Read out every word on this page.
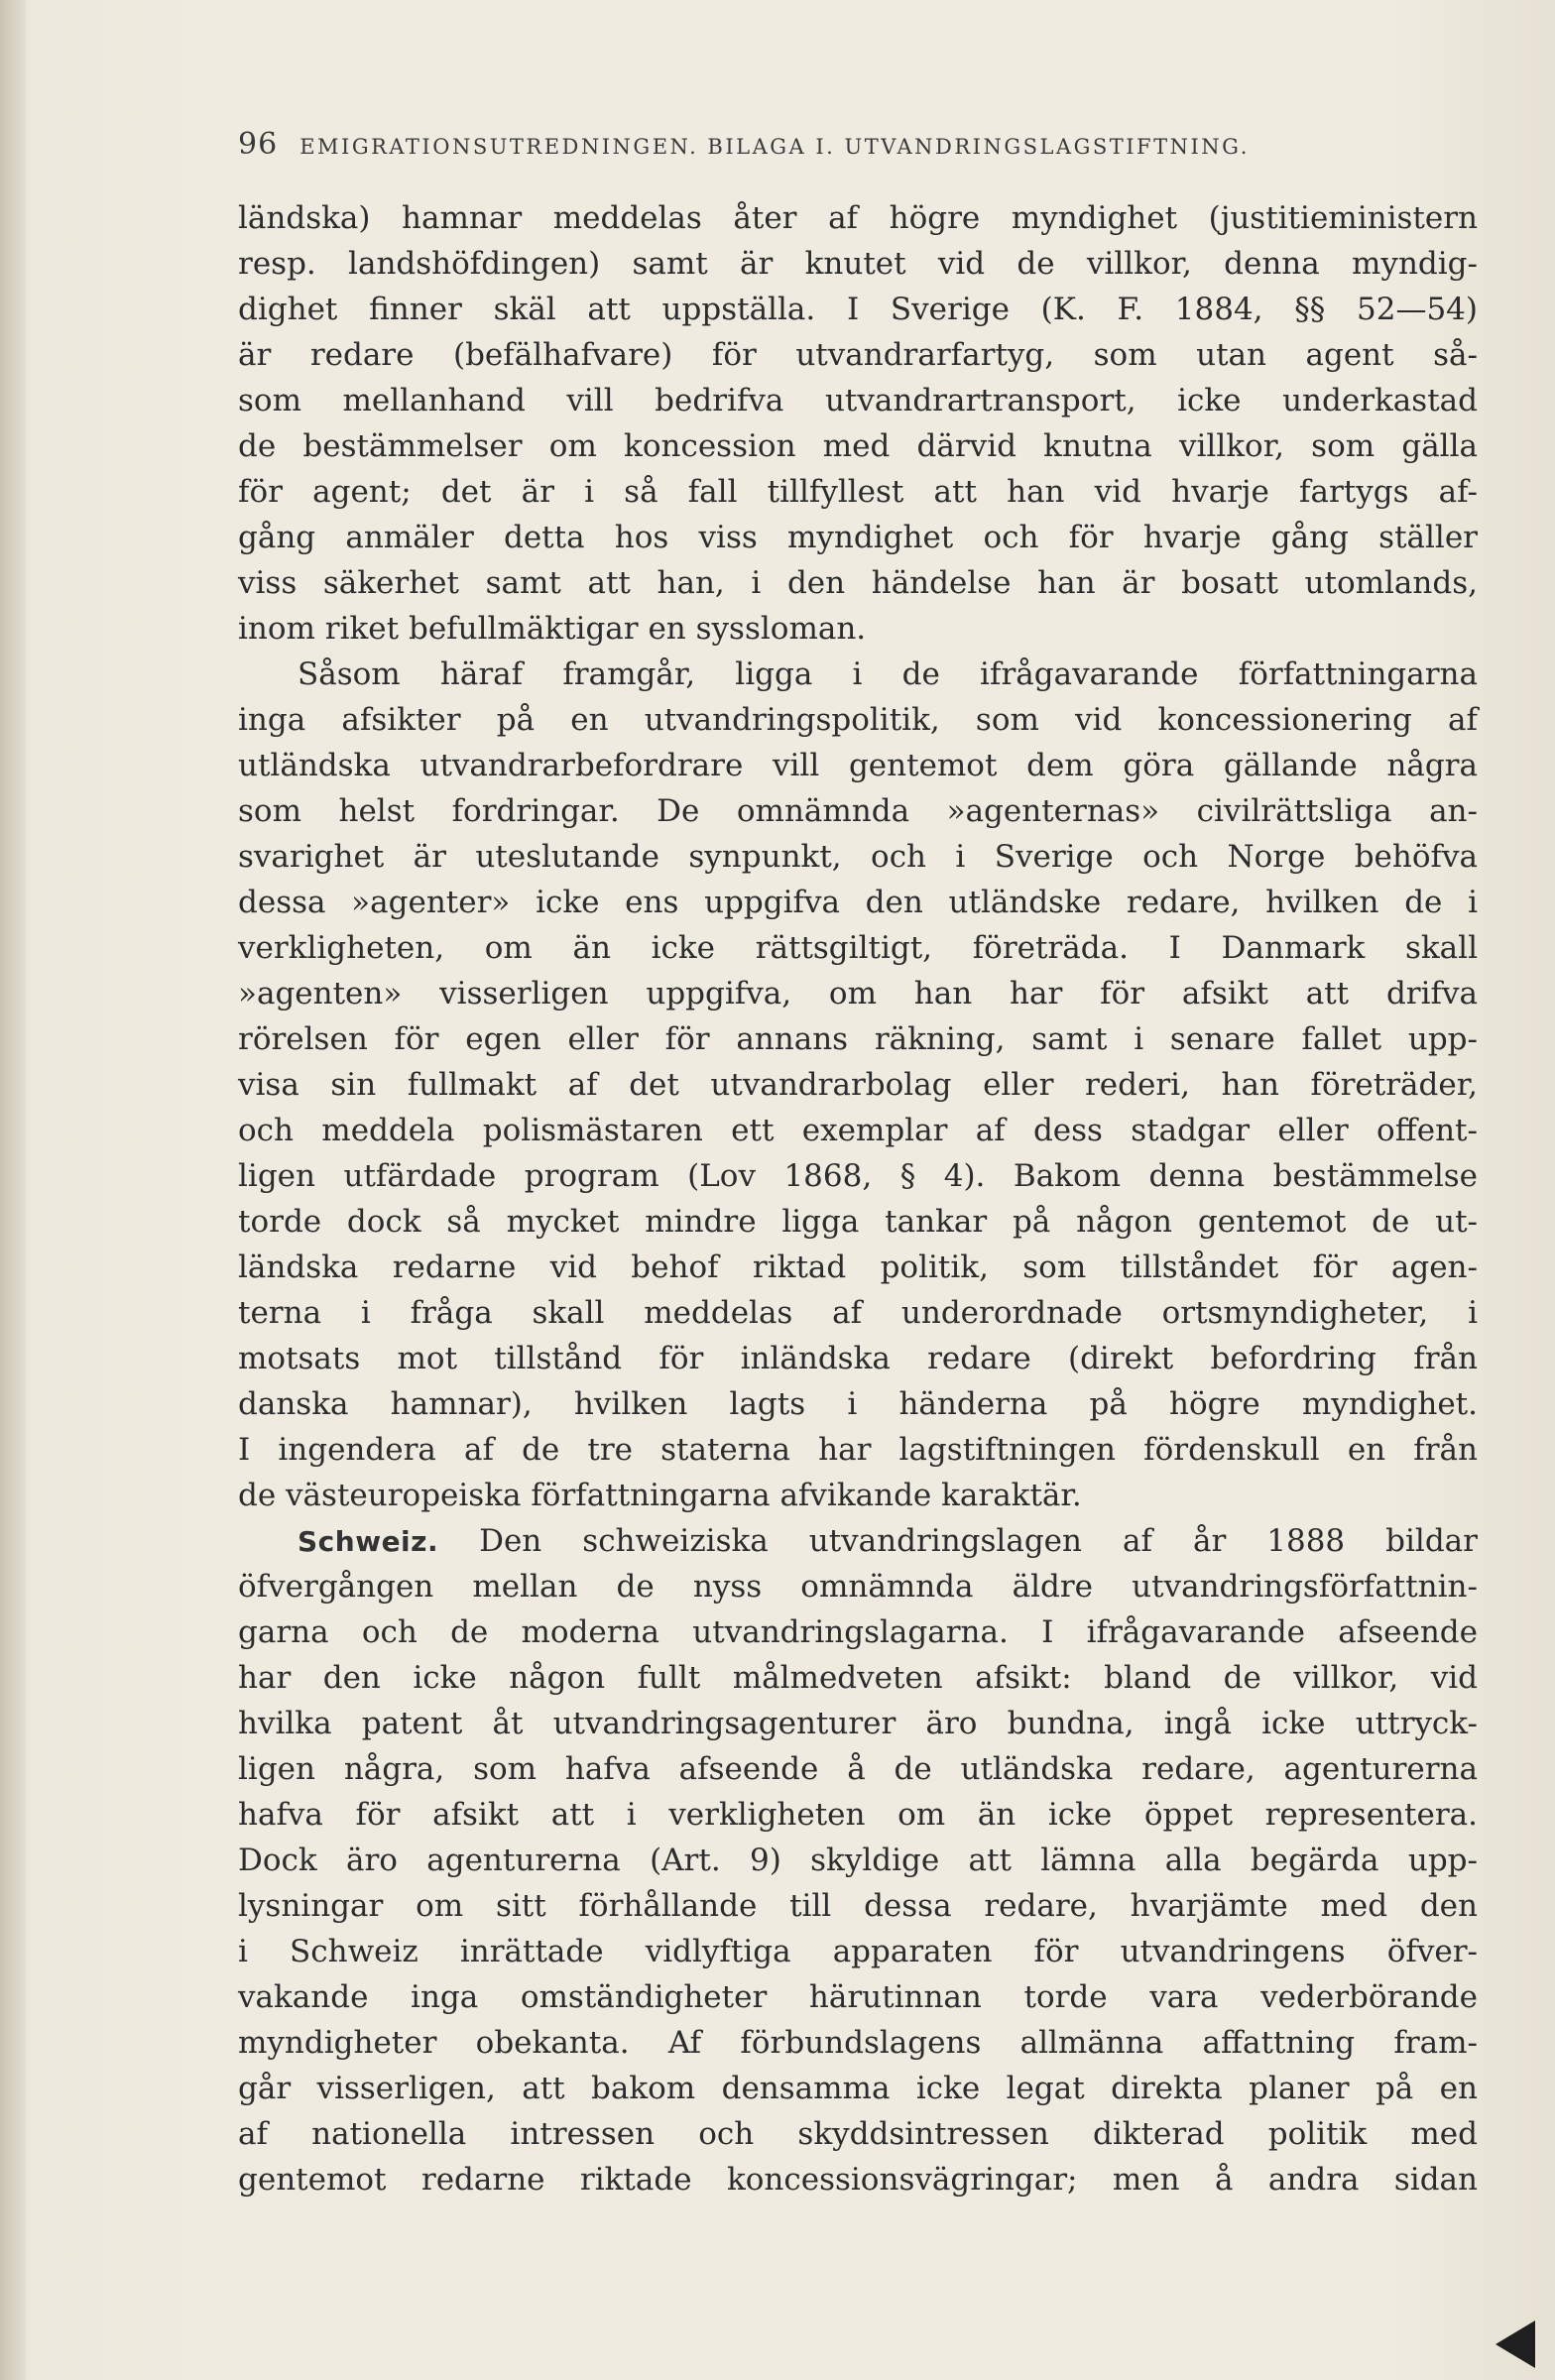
96 EMIGRATIONSUTREDNINGEN. BILAGA I. UTVANDRINGSLAGSTIFTNING.
ländska) hamnar meddelas åter af högre myndighet (justitieministern
resp. landshöfdingen) samt är knutet vid de villkor, denna myndig-
dighet finner skäl att uppställa. I Sverige (K. F. 1884, §§ 52—54)
är redare (befälhafvare) för utvandrarfartyg, som utan agent så-
som mellanhand vill bedrifva utvandrartransport, icke underkastad
de bestämmelser om koncession med därvid knutna villkor, som gälla
för agent; det är i så fall tillfyllest att han vid hvarje fartygs af-
gång anmäler detta hos viss myndighet och för hvarje gång ställer
viss säkerhet samt att han, i den händelse han är bosatt utomlands,
inom riket befullmäktigar en syssloman.
Såsom häraf framgår, ligga i de ifrågavarande författningarna
inga afsikter på en utvandringspolitik, som vid koncessionering af
utländska utvandrarbefordrare vill gentemot dem göra gällande några
som helst fordringar. De omnämnda »agenternas» civilrättsliga an-
svarighet är uteslutande synpunkt, och i Sverige och Norge behöfva
dessa »agenter» icke ens uppgifva den utländske redare, hvilken de i
verkligheten, om än icke rättsgiltigt, företräda. I Danmark skall
»agenten» visserligen uppgifva, om han har för afsikt att drifva
rörelsen för egen eller för annans räkning, samt i senare fallet upp-
visa sin fullmakt af det utvandrarbolag eller rederi, han företräder,
och meddela polismästaren ett exemplar af dess stadgar eller offent-
ligen utfärdade program (Lov 1868, § 4). Bakom denna bestämmelse
torde dock så mycket mindre ligga tankar på någon gentemot de ut-
ländska redarne vid behof riktad politik, som tillståndet för agen-
terna i fråga skall meddelas af underordnade ortsmyndigheter, i
motsats mot tillstånd för inländska redare (direkt befordring från
danska hamnar), hvilken lagts i händerna på högre myndighet.
I ingendera af de tre staterna har lagstiftningen fördenskull en från
de västeuropeiska författningarna afvikande karaktär.
Schweiz. Den schweiziska utvandringslagen af år 1888 bildar
öfvergången mellan de nyss omnämnda äldre utvandringsförfattnin-
garna och de moderna utvandringslagarna. I ifrågavarande afseende
har den icke någon fullt målmedveten afsikt: bland de villkor, vid
hvilka patent åt utvandringsagenturer äro bundna, ingå icke uttryck-
ligen några, som hafva afseende å de utländska redare, agenturerna
hafva för afsikt att i verkligheten om än icke öppet representera.
Dock äro agenturerna (Art. 9) skyldige att lämna alla begärda upp-
lysningar om sitt förhållande till dessa redare, hvarjämte med den
i Schweiz inrättade vidlyftiga apparaten för utvandringens öfver-
vakande inga omständigheter härutinnan torde vara vederbörande
myndigheter obekanta. Af förbundslagens allmänna affattning fram-
går visserligen, att bakom densamma icke legat direkta planer på en
af nationella intressen och skyddsintressen dikterad politik med
gentemot redarne riktade koncessionsvägringar; men å andra sidan
